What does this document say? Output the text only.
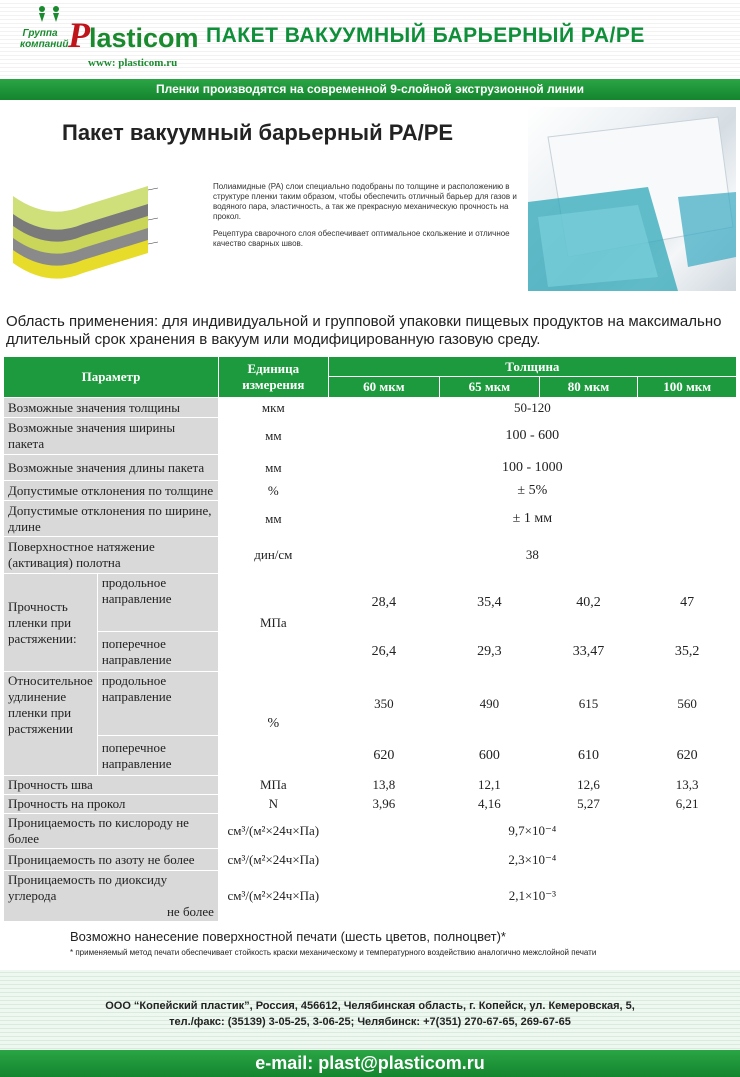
Группа компаний Plasticom
www: plasticom.ru
ПАКЕТ ВАКУУМНЫЙ БАРЬЕРНЫЙ PA/PE
Пленки производятся на современной 9-слойной экструзионной линии
Пакет вакуумный барьерный PA/PE

Полиамидные (PA) слои специально подобраны по толщине и расположению в структуре пленки таким образом, чтобы обеспечить отличный барьер для газов и водяного пара, эластичность, а так же прекрасную механическую прочность на прокол.

Рецептура сварочного слоя обеспечивает оптимальное скольжение и отличное качество сварных швов.

Область применения: для индивидуальной и групповой упаковки пищевых продуктов на максимально длительный срок хранения в вакуум или модифицированную газовую среду.
Параметр		Единица измерения	Толщина			
			60 мкм	65 мкм	80 мкм	100 мкм
Возможные значения толщины		мкм	50-120			
Возможные значения ширины пакета		мм	100 - 600			
Возможные значения длины пакета		мм	100 - 1000			
Допустимые отклонения по толщине		%	± 5%			
Допустимые отклонения по ширине, длине		мм	± 1 мм			
Поверхностное натяжение (активация) полотна		дин/см	38			
Прочность пленки при растяжении:	продольное направление	МПа	28,4	35,4	40,2	47
	поперечное направление		26,4	29,3	33,47	35,2
Относительное удлинение пленки при растяжении	продольное направление	%	350	490	615	560
	поперечное направление		620	600	610	620
Прочность шва		МПа	13,8	12,1	12,6	13,3
Прочность на прокол		N	3,96	4,16	5,27	6,21
Проницаемость по кислороду не более		см³/(м²×24ч×Па)	9,7×10⁻⁴			
Проницаемость по азоту не более		см³/(м²×24ч×Па)	2,3×10⁻⁴			

Проницаемость по диоксиду углерода
не более		см³/(м²×24ч×Па)	2,1×10⁻³			
Возможно нанесение поверхностной печати (шесть цветов, полноцвет)*
* применяемый метод печати обеспечивает стойкость краски механическому и температурного воздействию аналогично межслойной печати
ООО “Копейский пластик”, Россия, 456612, Челябинская область, г. Копейск, ул. Кемеровская, 5,
тел./факс: (35139) 3-05-25, 3-06-25; Челябинск: +7(351) 270-67-65, 269-67-65
e-mail: plast@plasticom.ru
